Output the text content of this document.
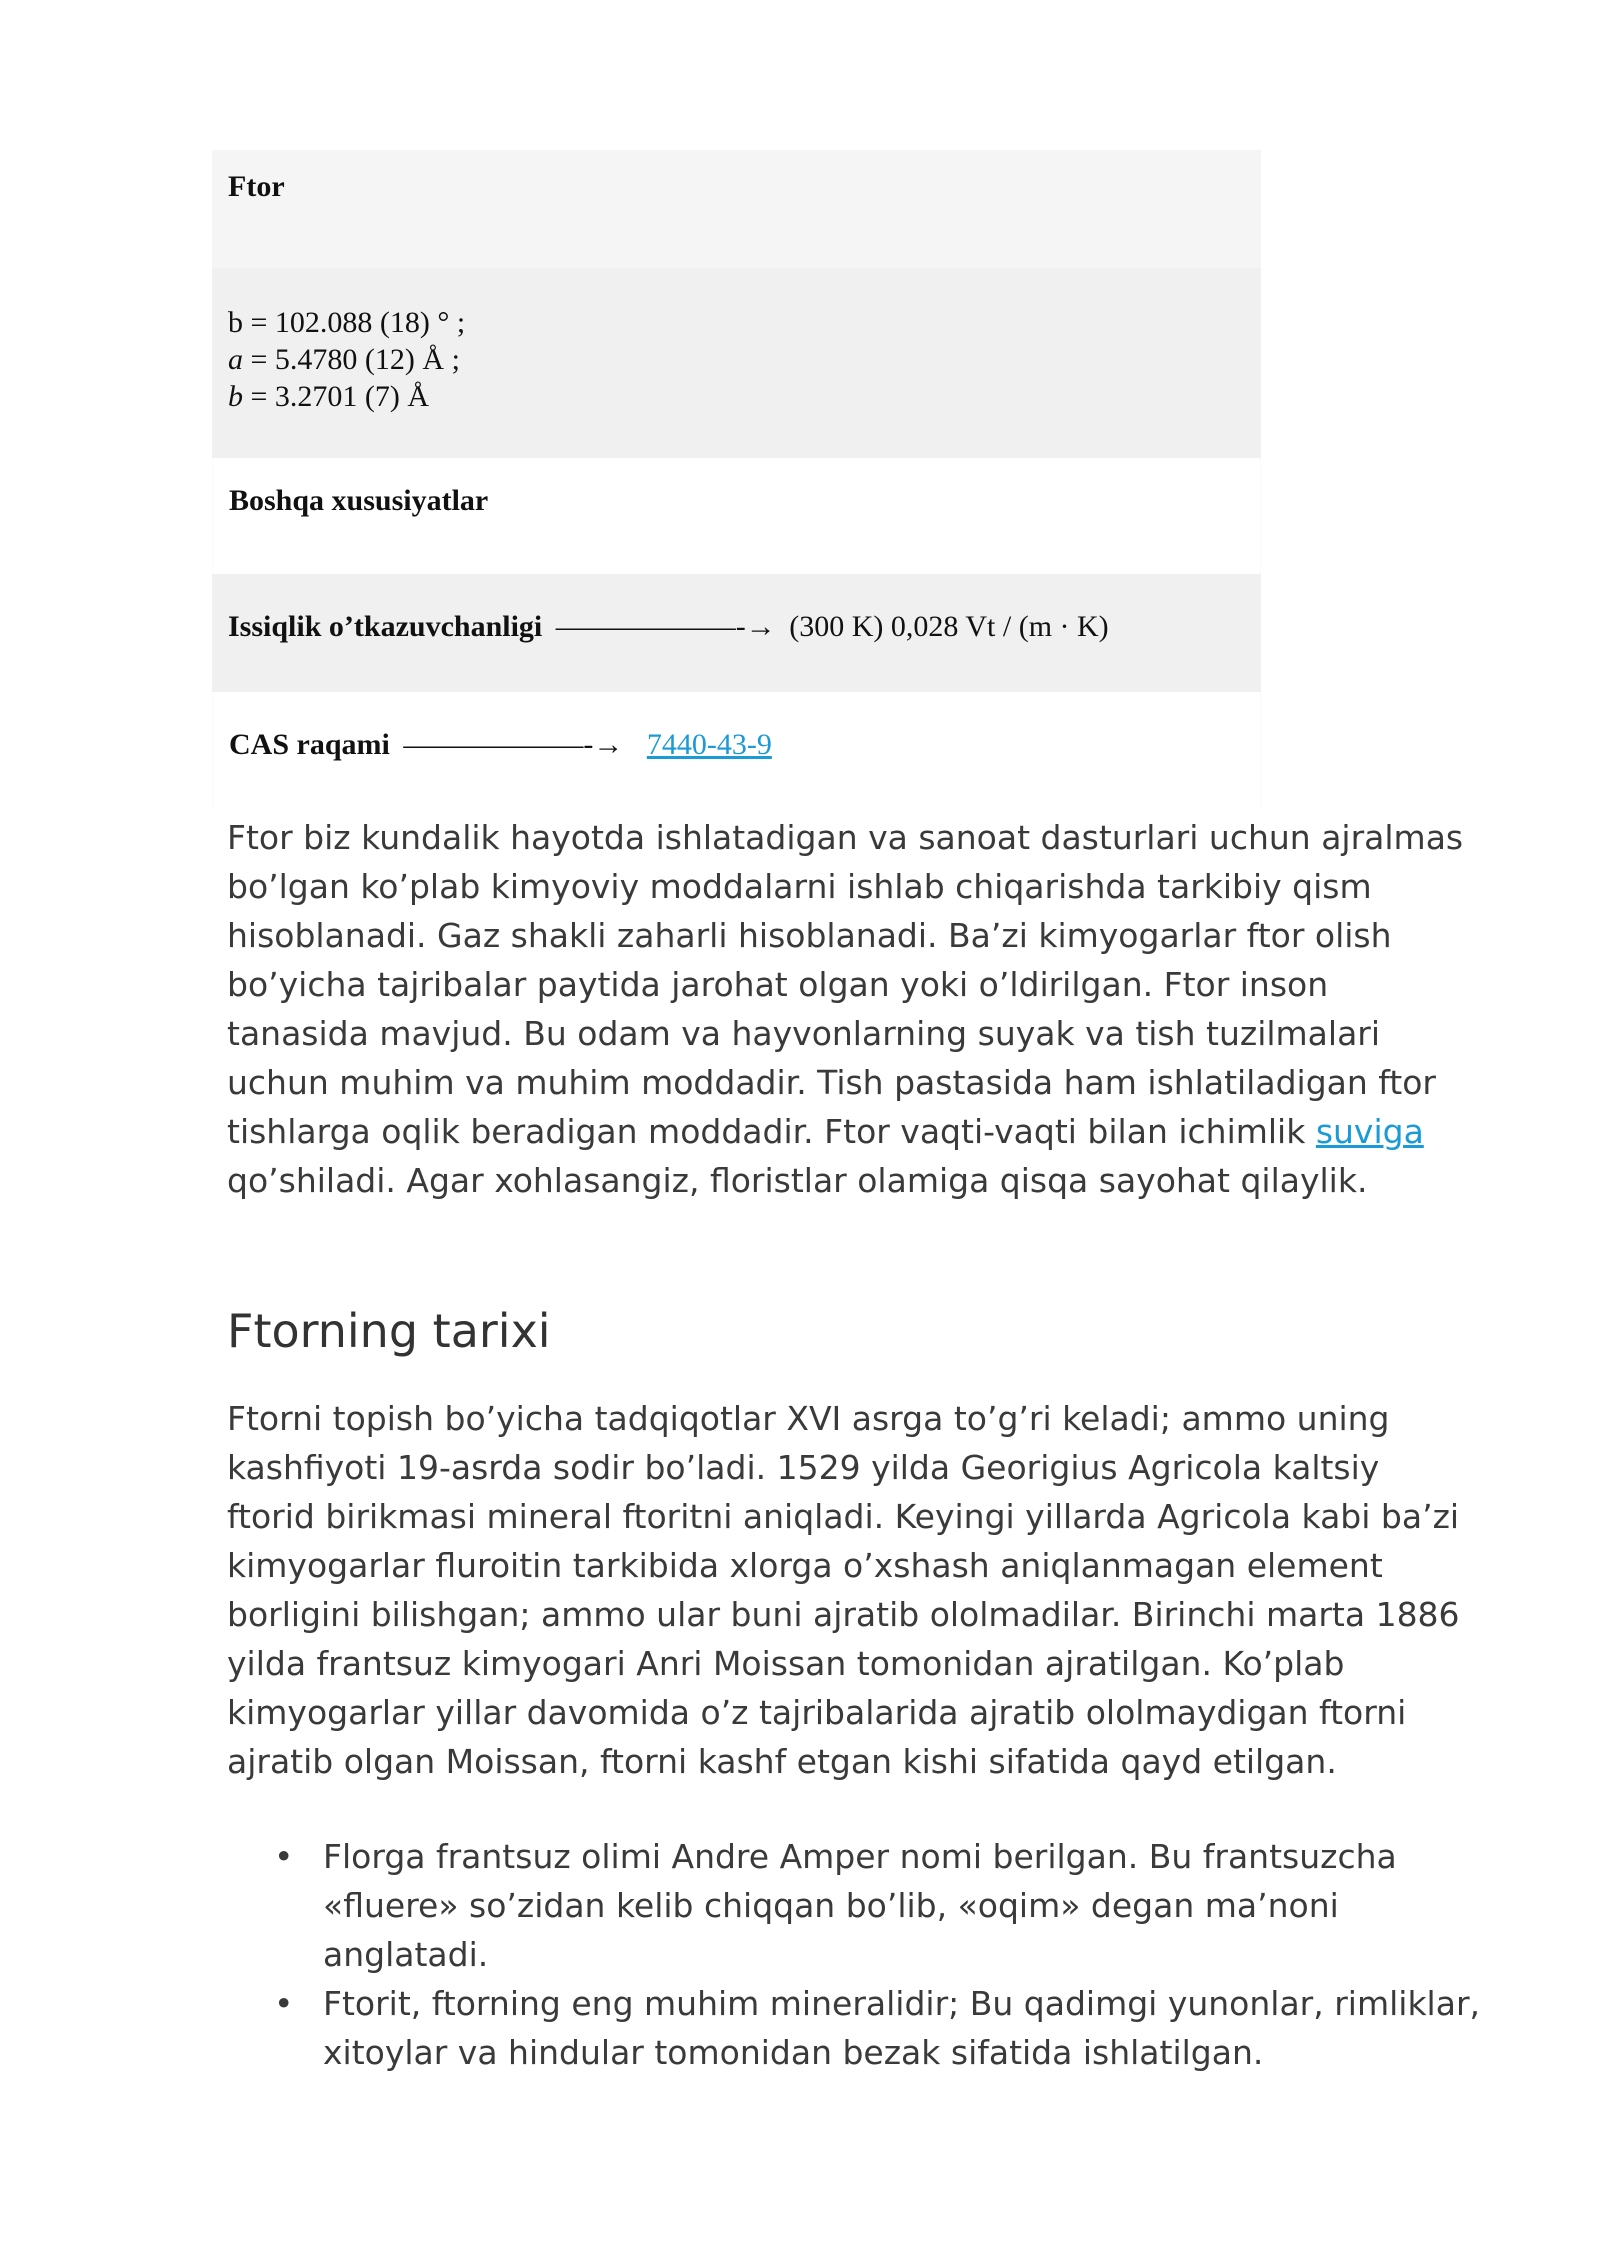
Ftor
b = 102.088 (18) ° ;
a = 5.4780 (12) Å ;
b = 3.2701 (7) Å
Boshqa xususiyatlar
Issiqlik o’tkazuvchanligi ——————-→ (300 K) 0,028 Vt / (m · K)
CAS raqami ——————-→ 7440-43-9

Ftor biz kundalik hayotda ishlatadigan va sanoat dasturlari uchun ajralmas bo’lgan ko’plab kimyoviy moddalarni ishlab chiqarishda tarkibiy qism hisoblanadi. Gaz shakli zaharli hisoblanadi. Ba’zi kimyogarlar ftor olish bo’yicha tajribalar paytida jarohat olgan yoki o’ldirilgan. Ftor inson tanasida mavjud. Bu odam va hayvonlarning suyak va tish tuzilmalari uchun muhim va muhim moddadir. Tish pastasida ham ishlatiladigan ftor tishlarga oqlik beradigan moddadir. Ftor vaqti-vaqti bilan ichimlik suviga qo’shiladi. Agar xohlasangiz, floristlar olamiga qisqa sayohat qilaylik.

Ftorning tarixi

Ftorni topish bo’yicha tadqiqotlar XVI asrga to’g’ri keladi; ammo uning kashfiyoti 19-asrda sodir bo’ladi. 1529 yilda Georigius Agricola kaltsiy ftorid birikmasi mineral ftoritni aniqladi. Keyingi yillarda Agricola kabi ba’zi kimyogarlar fluroitin tarkibida xlorga o’xshash aniqlanmagan element borligini bilishgan; ammo ular buni ajratib ololmadilar. Birinchi marta 1886 yilda frantsuz kimyogari Anri Moissan tomonidan ajratilgan. Ko’plab kimyogarlar yillar davomida o’z tajribalarida ajratib ololmaydigan ftorni ajratib olgan Moissan, ftorni kashf etgan kishi sifatida qayd etilgan.

• Florga frantsuz olimi Andre Amper nomi berilgan. Bu frantsuzcha «fluere» so’zidan kelib chiqqan bo’lib, «oqim» degan ma’noni anglatadi.
• Ftorit, ftorning eng muhim mineralidir; Bu qadimgi yunonlar, rimliklar, xitoylar va hindular tomonidan bezak sifatida ishlatilgan.
